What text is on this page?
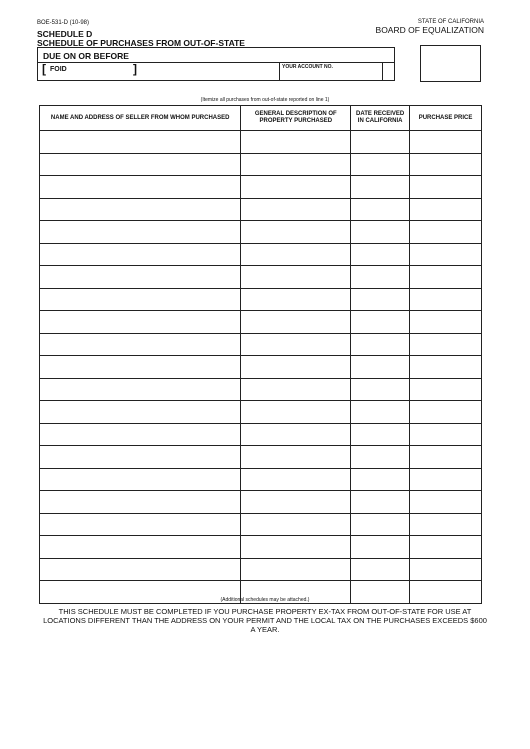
BOE-531-D (10-98)
SCHEDULE D
SCHEDULE OF PURCHASES FROM OUT-OF-STATE
STATE OF CALIFORNIA
BOARD OF EQUALIZATION
DUE ON OR BEFORE
[ FOID	]	YOUR ACCOUNT NO.
(Itemize all purchases from out-of-state reported on line 1)
NAME AND ADDRESS OF SELLER FROM WHOM PURCHASED	GENERAL DESCRIPTION OF PROPERTY PURCHASED	DATE RECEIVED IN CALIFORNIA	PURCHASE PRICE

(Additional schedules may be attached.)
THIS SCHEDULE MUST BE COMPLETED IF YOU PURCHASE PROPERTY EX-TAX FROM OUT-OF-STATE FOR USE AT LOCATIONS DIFFERENT THAN THE ADDRESS ON YOUR PERMIT AND THE LOCAL TAX ON THE PURCHASES EXCEEDS $600 A YEAR.
